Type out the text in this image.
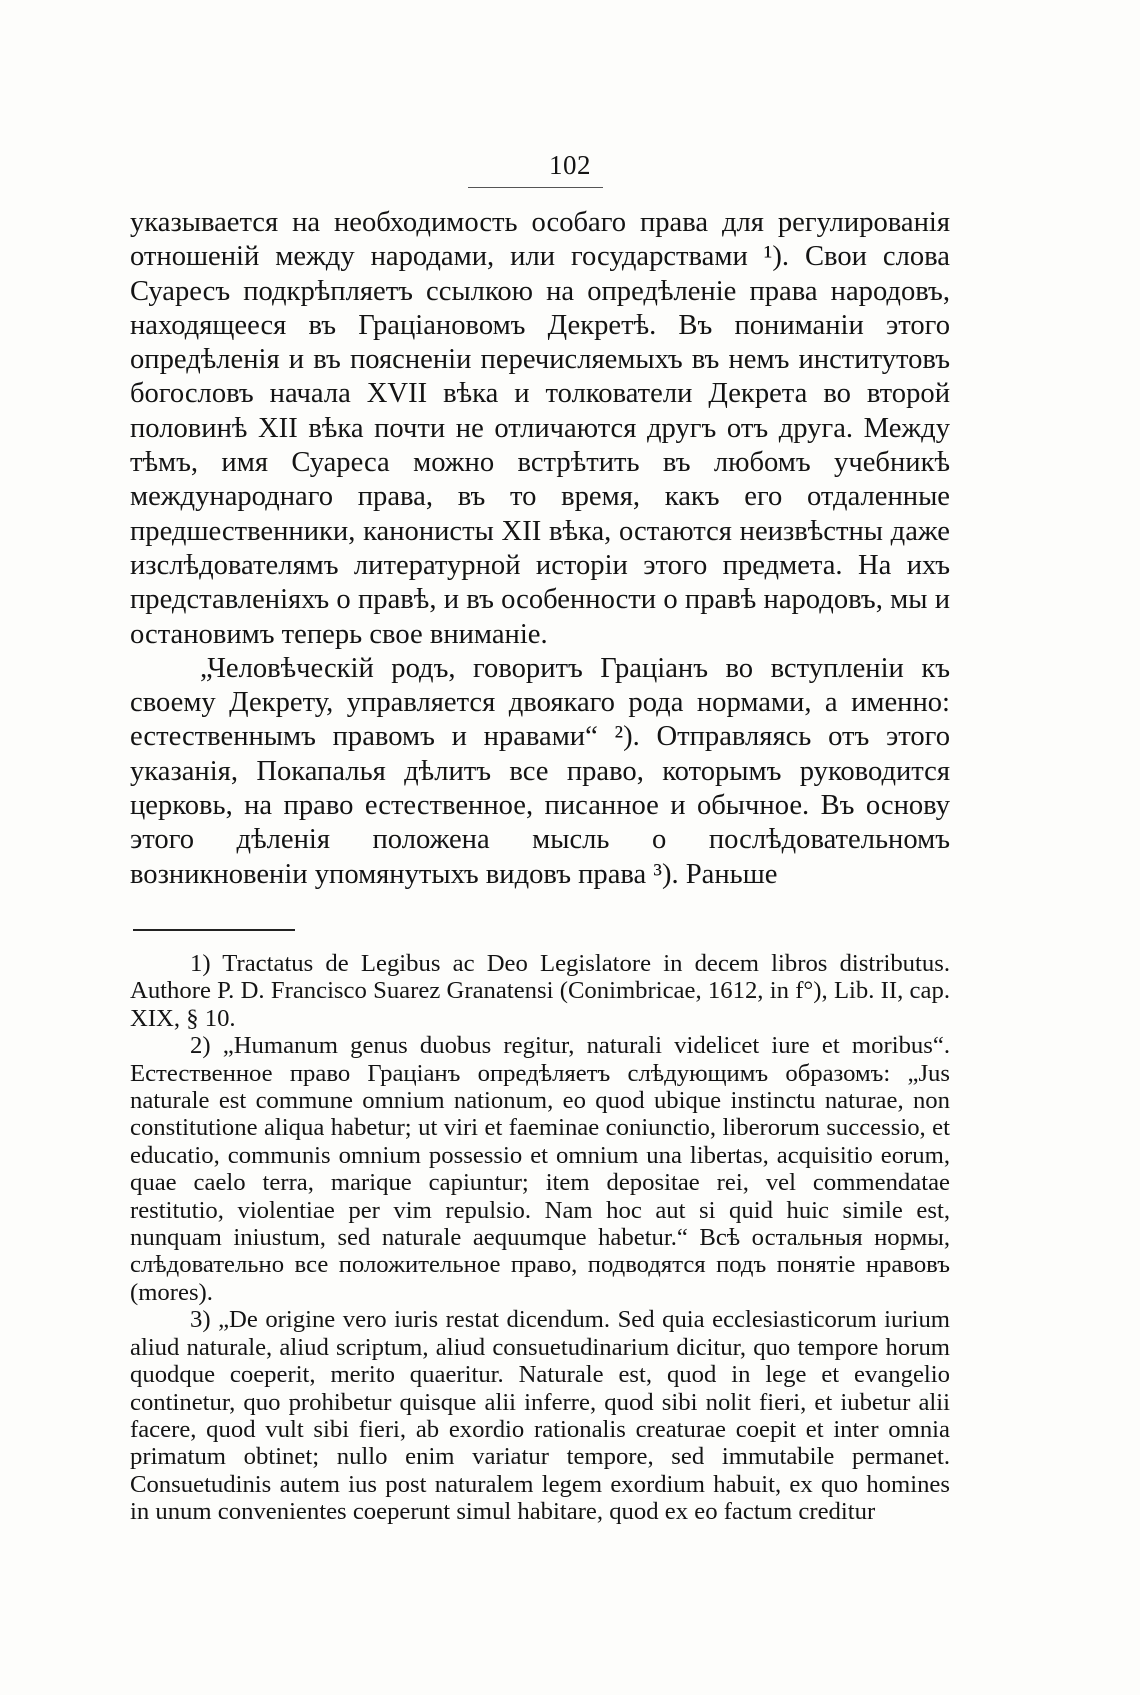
102

указывается на необходимость особаго права для регулированія отношеній между народами, или государствами ¹). Свои слова Суаресъ подкрѣпляетъ ссылкою на опредѣленіе права народовъ, находящееся въ Граціановомъ Декретѣ. Въ пониманіи этого опредѣленія и въ поясненіи перечисляемыхъ въ немъ институтовъ богословъ начала XVII вѣка и толкователи Декрета во второй половинѣ XII вѣка почти не отличаются другъ отъ друга. Между тѣмъ, имя Суареса можно встрѣтить въ любомъ учебникѣ международнаго права, въ то время, какъ его отдаленные предшественники, канонисты XII вѣка, остаются неизвѣстны даже изслѣдователямъ литературной исторіи этого предмета. На ихъ представленіяхъ о правѣ, и въ особенности о правѣ народовъ, мы и остановимъ теперь свое вниманіе.

„Человѣческій родъ, говоритъ Граціанъ во вступленіи къ своему Декрету, управляется двоякаго рода нормами, а именно: естественнымъ правомъ и нравами“ ²). Отправляясь отъ этого указанія, Покапалья дѣлитъ все право, которымъ руководится церковь, на право естественное, писанное и обычное. Въ основу этого дѣленія положена мысль о послѣдовательномъ возникновеніи упомянутыхъ видовъ права ³). Раньше

1) Tractatus de Legibus ac Deo Legislatore in decem libros distributus. Authore P. D. Francisco Suarez Granatensi (Conimbricae, 1612, in f°), Lib. II, cap. XIX, § 10.

2) „Humanum genus duobus regitur, naturali videlicet iure et moribus“. Естественное право Граціанъ опредѣляетъ слѣдующимъ образомъ: „Jus naturale est commune omnium nationum, eo quod ubique instinctu naturae, non constitutione aliqua habetur; ut viri et faeminae coniunctio, liberorum successio, et educatio, communis omnium possessio et omnium una libertas, acquisitio eorum, quae caelo terra, marique capiuntur; item depositae rei, vel commendatae restitutio, violentiae per vim repulsio. Nam hoc aut si quid huic simile est, nunquam iniustum, sed naturale aequumque habetur.“ Всѣ остальныя нормы, слѣдовательно все положительное право, подводятся подъ понятіе нравовъ (mores).

3) „De origine vero iuris restat dicendum. Sed quia ecclesiasticorum iurium aliud naturale, aliud scriptum, aliud consuetudinarium dicitur, quo tempore horum quodque coeperit, merito quaeritur. Naturale est, quod in lege et evangelio continetur, quo prohibetur quisque alii inferre, quod sibi nolit fieri, et iubetur alii facere, quod vult sibi fieri, ab exordio rationalis creaturae coepit et inter omnia primatum obtinet; nullo enim variatur tempore, sed immutabile permanet. Consuetudinis autem ius post naturalem legem exordium habuit, ex quo homines in unum convenientes coeperunt simul habitare, quod ex eo factum creditur
